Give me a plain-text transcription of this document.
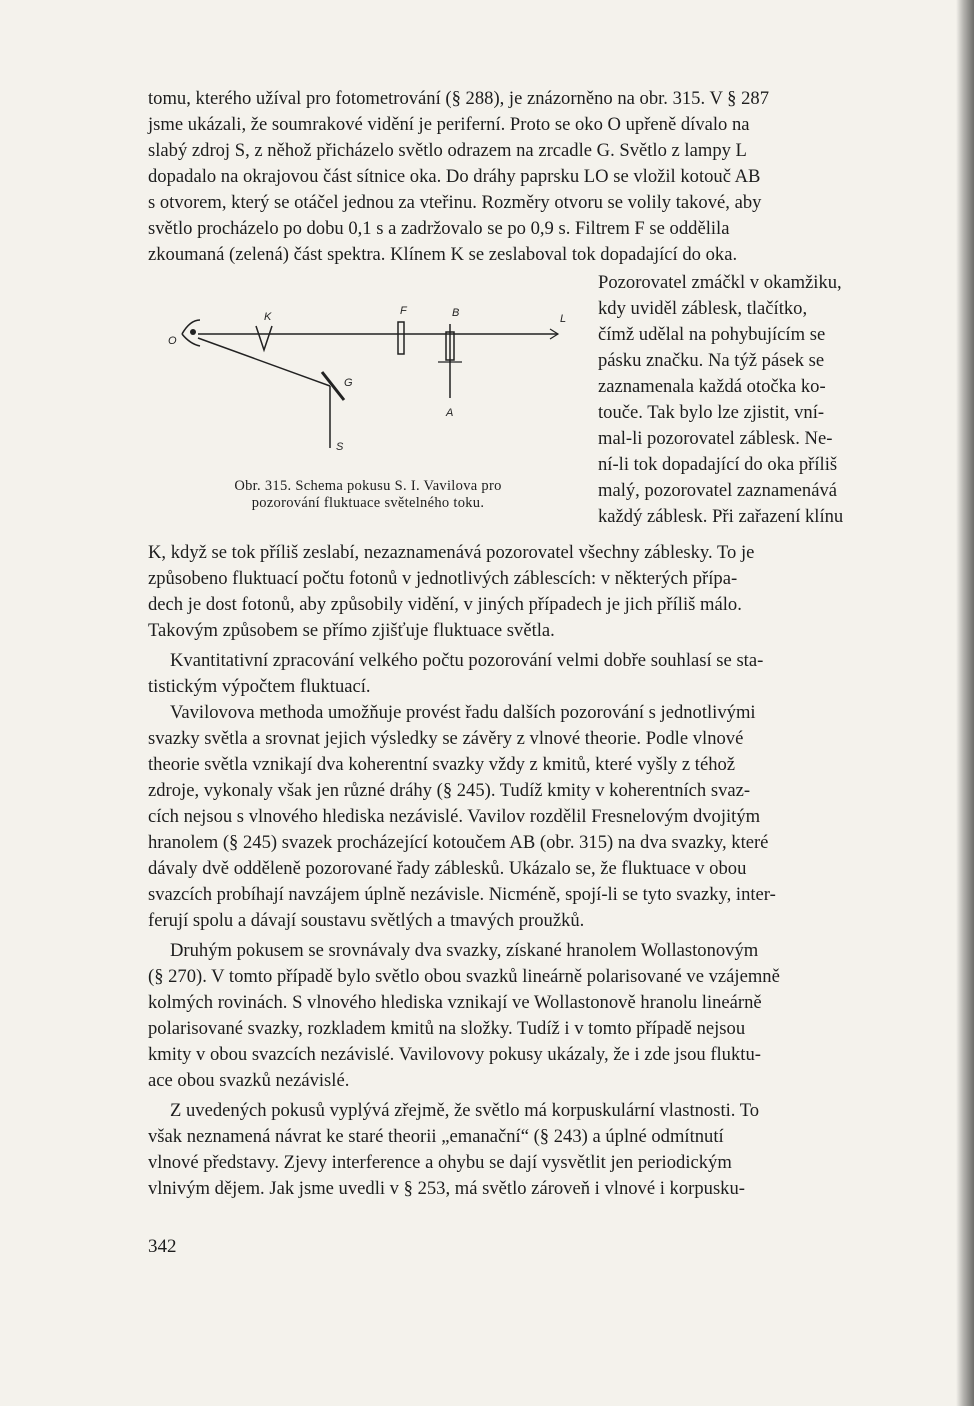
tomu, kterého užíval pro fotometrování (§ 288), je znázorněno na obr. 315. V § 287

jsme ukázali, že soumrakové vidění je periferní. Proto se oko O upřeně dívalo na

slabý zdroj S, z něhož přicházelo světlo odrazem na zrcadle G. Světlo z lampy L

dopadalo na okrajovou část sítnice oka. Do dráhy paprsku LO se vložil kotouč AB

s otvorem, který se otáčel jednou za vteřinu. Rozměry otvoru se volily takové, aby

světlo procházelo po dobu 0,1 s a zadržovalo se po 0,9 s. Filtrem F se oddělila

zkoumaná (zelená) část spektra. Klínem K se zeslaboval tok dopadající do oka.

Pozorovatel zmáčkl v okamžiku,

kdy uviděl záblesk, tlačítko,

čímž udělal na pohybujícím se

pásku značku. Na týž pásek se

zaznamenala každá otočka ko-

touče. Tak bylo lze zjistit, vní-

mal-li pozorovatel záblesk. Ne-

ní-li tok dopadající do oka příliš

malý, pozorovatel zaznamenává

každý záblesk. Při zařazení klínu

O
L
K	F	B
A
G
S
Obr. 315. Schema pokusu S. I. Vavilova pro
pozorování fluktuace světelného toku.

K, když se tok příliš zeslabí, nezaznamenává pozorovatel všechny záblesky. To je

způsobeno fluktuací počtu fotonů v jednotlivých záblescích: v některých přípa-

dech je dost fotonů, aby způsobily vidění, v jiných případech je jich příliš málo.

Takovým způsobem se přímo zjišťuje fluktuace světla.

Kvantitativní zpracování velkého počtu pozorování velmi dobře souhlasí se sta-

tistickým výpočtem fluktuací.

Vavilovova methoda umožňuje provést řadu dalších pozorování s jednotlivými

svazky světla a srovnat jejich výsledky se závěry z vlnové theorie. Podle vlnové

theorie světla vznikají dva koherentní svazky vždy z kmitů, které vyšly z téhož

zdroje, vykonaly však jen různé dráhy (§ 245). Tudíž kmity v koherentních svaz-

cích nejsou s vlnového hlediska nezávislé. Vavilov rozdělil Fresnelovým dvojitým

hranolem (§ 245) svazek procházející kotoučem AB (obr. 315) na dva svazky, které

dávaly dvě odděleně pozorované řady záblesků. Ukázalo se, že fluktuace v obou

svazcích probíhají navzájem úplně nezávisle. Nicméně, spojí-li se tyto svazky, inter-

ferují spolu a dávají soustavu světlých a tmavých proužků.

Druhým pokusem se srovnávaly dva svazky, získané hranolem Wollastonovým

(§ 270). V tomto případě bylo světlo obou svazků lineárně polarisované ve vzájemně

kolmých rovinách. S vlnového hlediska vznikají ve Wollastonově hranolu lineárně

polarisované svazky, rozkladem kmitů na složky. Tudíž i v tomto případě nejsou

kmity v obou svazcích nezávislé. Vavilovovy pokusy ukázaly, že i zde jsou fluktu-

ace obou svazků nezávislé.

Z uvedených pokusů vyplývá zřejmě, že světlo má korpuskulární vlastnosti. To

však neznamená návrat ke staré theorii „emanační“ (§ 243) a úplné odmítnutí

vlnové představy. Zjevy interference a ohybu se dají vysvětlit jen periodickým

vlnivým dějem. Jak jsme uvedli v § 253, má světlo zároveň i vlnové i korpusku-

342
